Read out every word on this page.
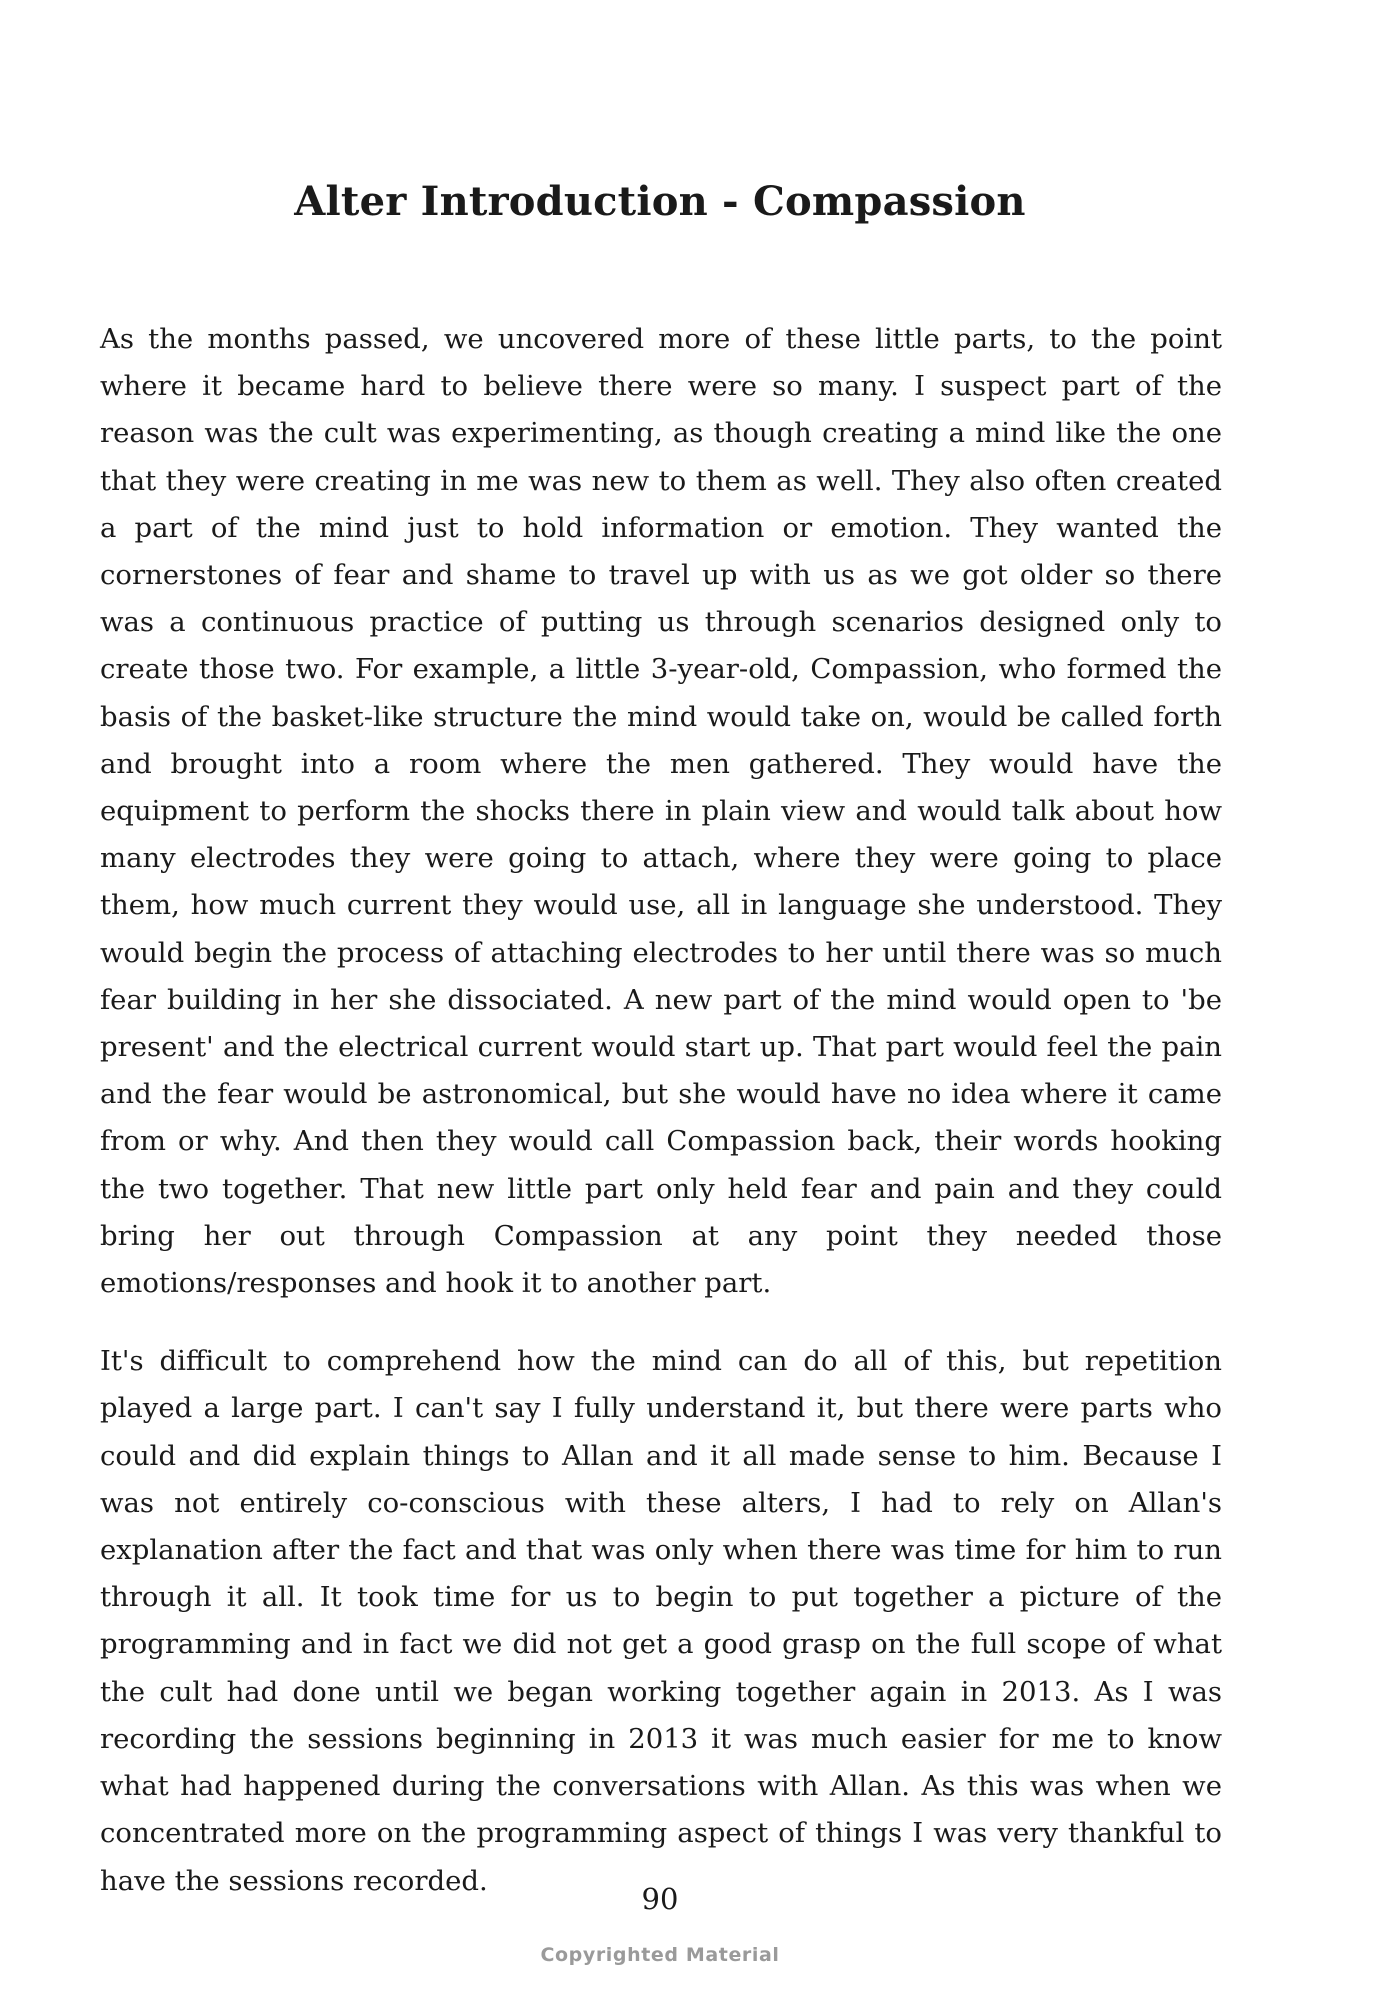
Alter Introduction - Compassion

As the months passed, we uncovered more of these little parts, to the point where it became hard to believe there were so many. I suspect part of the reason was the cult was experimenting, as though creating a mind like the one that they were creating in me was new to them as well. They also often created a part of the mind just to hold information or emotion. They wanted the cornerstones of fear and shame to travel up with us as we got older so there was a continuous practice of putting us through scenarios designed only to create those two. For example, a little 3-year-old, Compassion, who formed the basis of the basket-like structure the mind would take on, would be called forth and brought into a room where the men gathered. They would have the equipment to perform the shocks there in plain view and would talk about how many electrodes they were going to attach, where they were going to place them, how much current they would use, all in language she understood. They would begin the process of attaching electrodes to her until there was so much fear building in her she dissociated. A new part of the mind would open to 'be present' and the electrical current would start up. That part would feel the pain and the fear would be astronomical, but she would have no idea where it came from or why. And then they would call Compassion back, their words hooking the two together. That new little part only held fear and pain and they could bring her out through Compassion at any point they needed those emotions/responses and hook it to another part.

It's difficult to comprehend how the mind can do all of this, but repetition played a large part. I can't say I fully understand it, but there were parts who could and did explain things to Allan and it all made sense to him. Because I was not entirely co-conscious with these alters, I had to rely on Allan's explanation after the fact and that was only when there was time for him to run through it all. It took time for us to begin to put together a picture of the programming and in fact we did not get a good grasp on the full scope of what the cult had done until we began working together again in 2013. As I was recording the sessions beginning in 2013 it was much easier for me to know what had happened during the conversations with Allan. As this was when we concentrated more on the programming aspect of things I was very thankful to have the sessions recorded.

90

Copyrighted Material
